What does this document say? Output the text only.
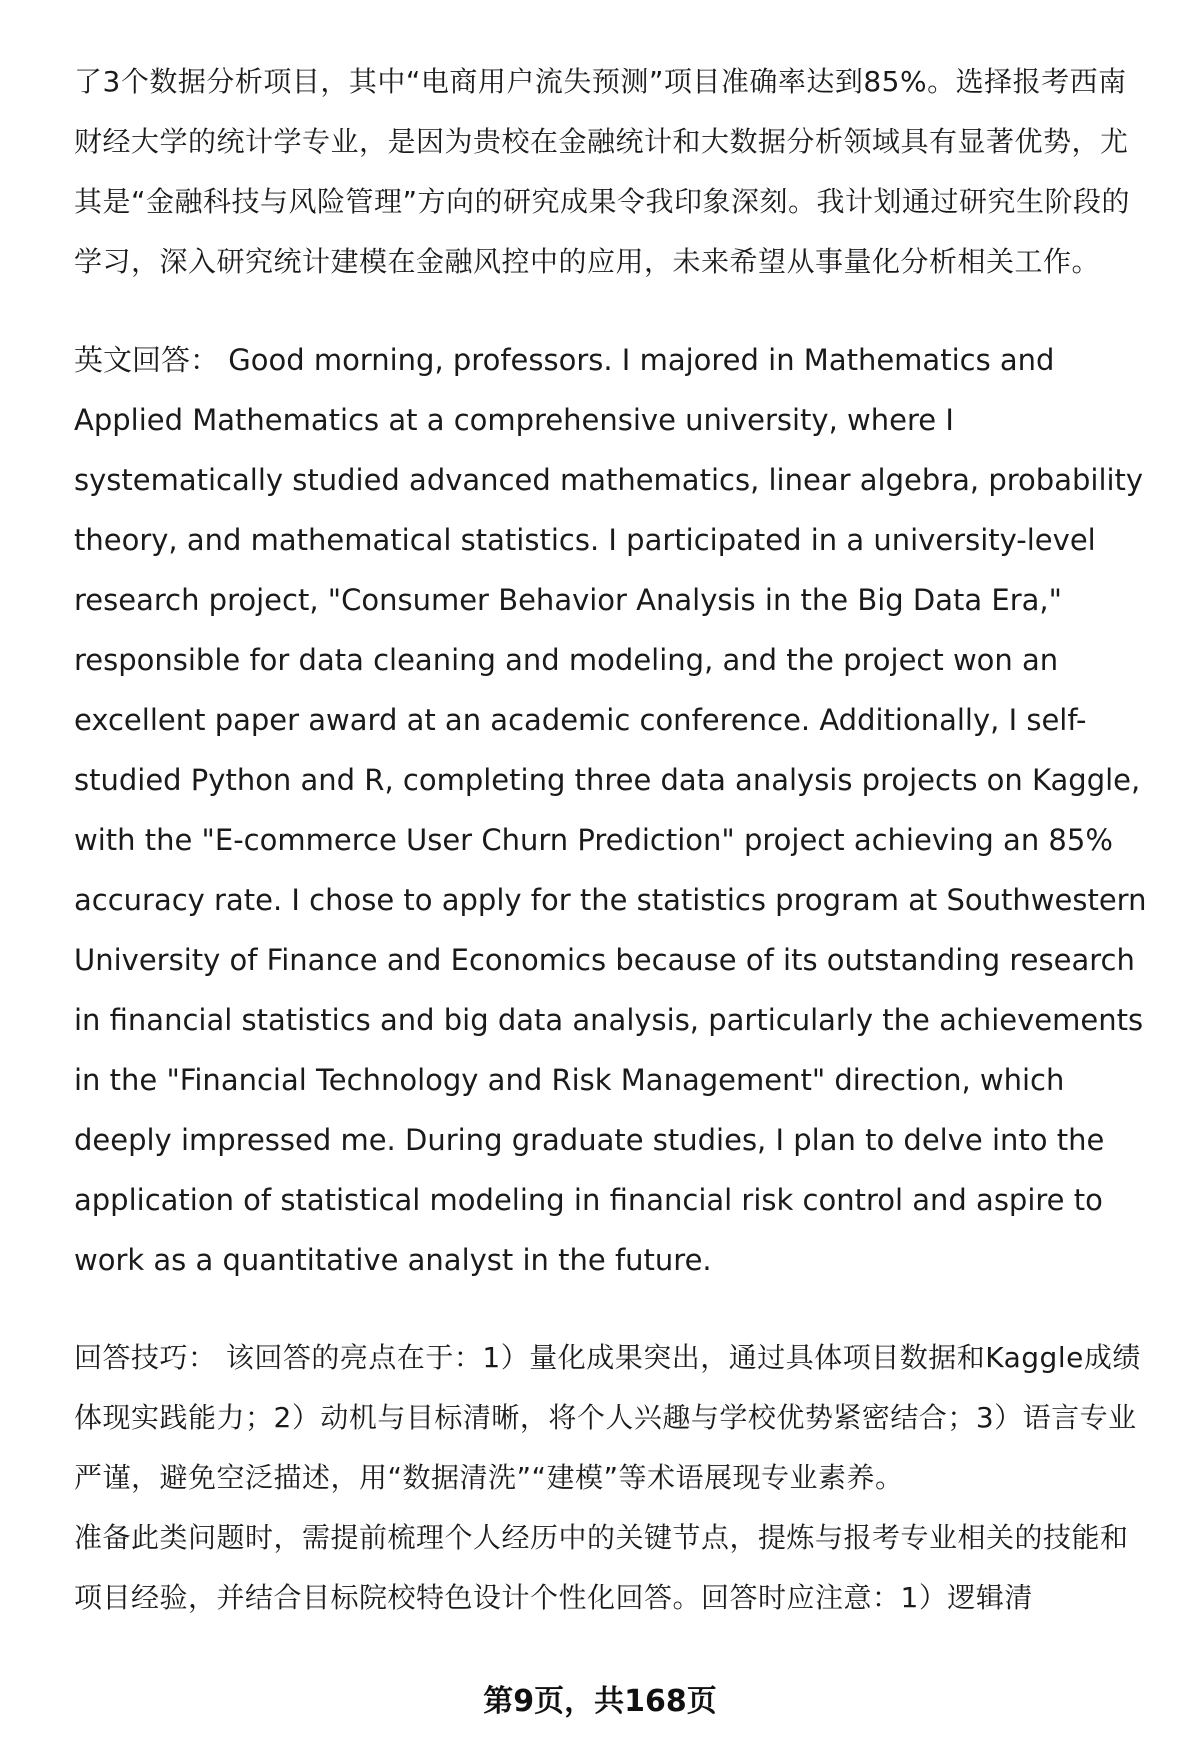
了3个数据分析项目，其中“电商用户流失预测”项目准确率达到85%。选择报考西南财经大学的统计学专业，是因为贵校在金融统计和大数据分析领域具有显著优势，尤其是“金融科技与风险管理”方向的研究成果令我印象深刻。我计划通过研究生阶段的学习，深入研究统计建模在金融风控中的应用，未来希望从事量化分析相关工作。

英文回答： Good morning, professors. I majored in Mathematics and Applied Mathematics at a comprehensive university, where I systematically studied advanced mathematics, linear algebra, probability theory, and mathematical statistics. I participated in a university-level research project, "Consumer Behavior Analysis in the Big Data Era," responsible for data cleaning and modeling, and the project won an excellent paper award at an academic conference. Additionally, I self-studied Python and R, completing three data analysis projects on Kaggle, with the "E-commerce User Churn Prediction" project achieving an 85% accuracy rate. I chose to apply for the statistics program at Southwestern University of Finance and Economics because of its outstanding research in financial statistics and big data analysis, particularly the achievements in the "Financial Technology and Risk Management" direction, which deeply impressed me. During graduate studies, I plan to delve into the application of statistical modeling in financial risk control and aspire to work as a quantitative analyst in the future.

回答技巧： 该回答的亮点在于：1）量化成果突出，通过具体项目数据和Kaggle成绩体现实践能力；2）动机与目标清晰，将个人兴趣与学校优势紧密结合；3）语言专业严谨，避免空泛描述，用“数据清洗”“建模”等术语展现专业素养。

准备此类问题时，需提前梳理个人经历中的关键节点，提炼与报考专业相关的技能和项目经验，并结合目标院校特色设计个性化回答。回答时应注意：1）逻辑清

第9页，共168页
